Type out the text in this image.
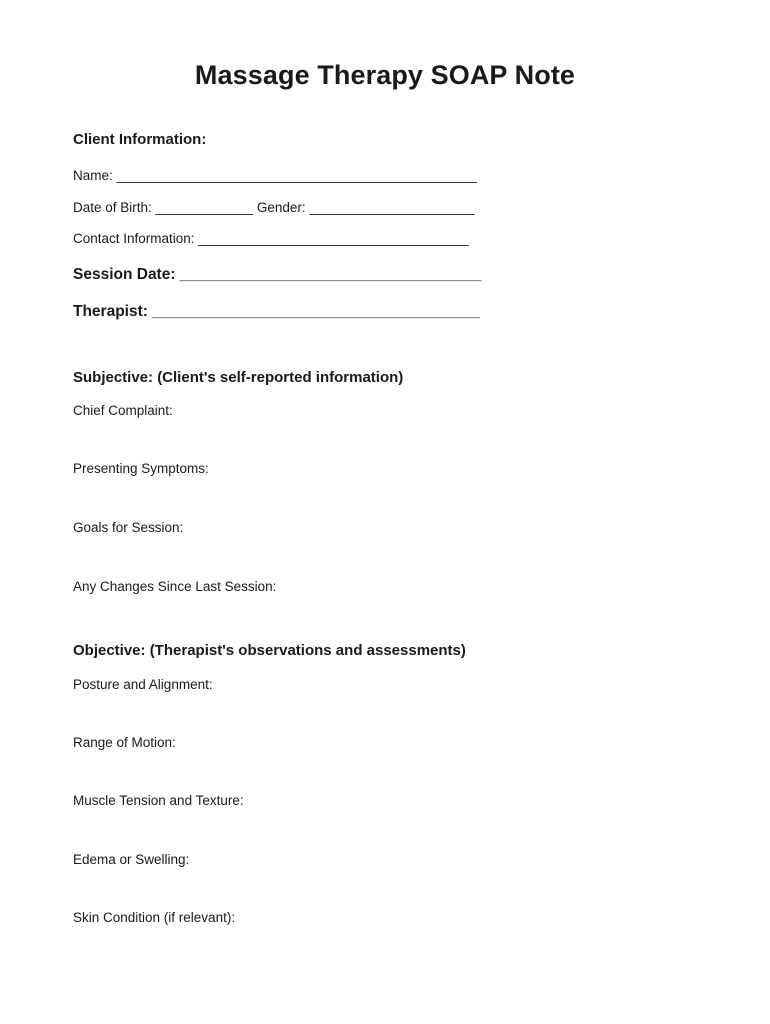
Massage Therapy SOAP Note
Client Information:
Name: ________________________________________________
Date of Birth: _____________ Gender: ______________________
Contact Information: ____________________________________
Session Date: ___________________________________
Therapist: ______________________________________
Subjective: (Client's self-reported information)
Chief Complaint:
Presenting Symptoms:
Goals for Session:
Any Changes Since Last Session:
Objective: (Therapist's observations and assessments)
Posture and Alignment:
Range of Motion:
Muscle Tension and Texture:
Edema or Swelling:
Skin Condition (if relevant):
